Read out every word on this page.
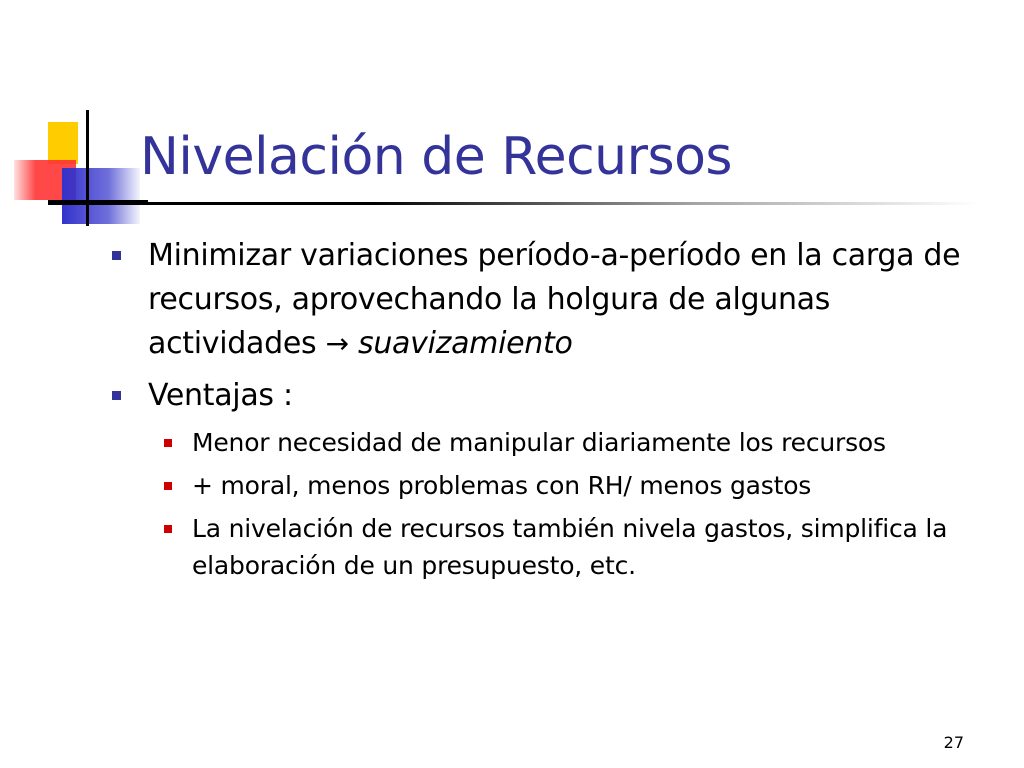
Nivelación de Recursos
Minimizar variaciones período-a-período en la carga de recursos, aprovechando la holgura de algunas actividades → suavizamiento
Ventajas :
Menor necesidad de manipular diariamente los recursos
+ moral, menos problemas con RH/ menos gastos
La nivelación de recursos también nivela gastos, simplifica la elaboración de un presupuesto, etc.
27
